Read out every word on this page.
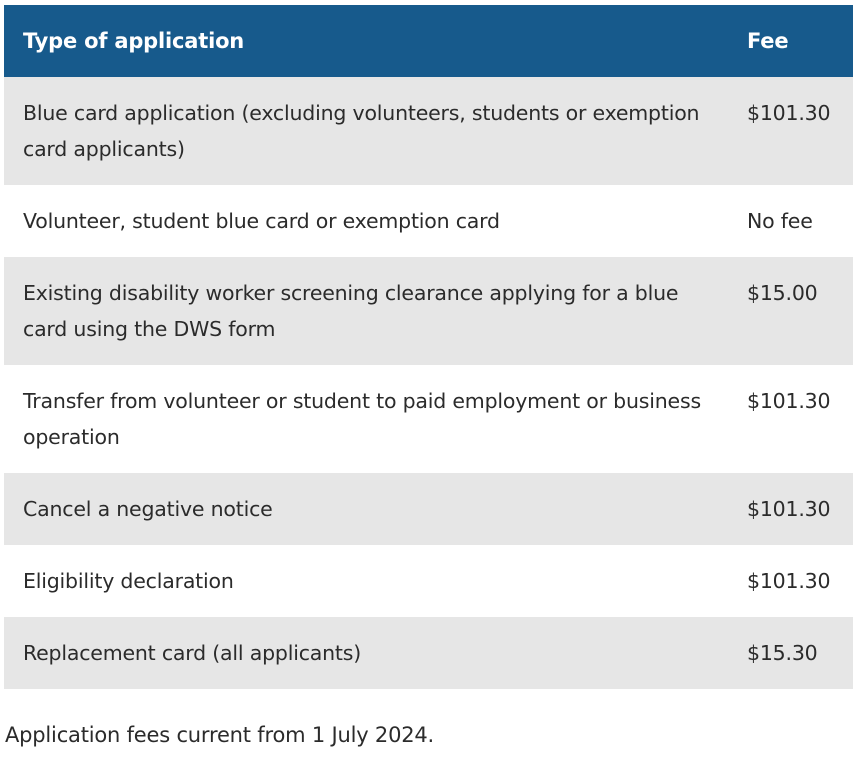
Type of application	Fee
Blue card application (excluding volunteers, students or exemption card applicants)	$101.30
Volunteer, student blue card or exemption card	No fee
Existing disability worker screening clearance applying for a blue card using the DWS form	$15.00
Transfer from volunteer or student to paid employment or business operation	$101.30
Cancel a negative notice	$101.30
Eligibility declaration	$101.30
Replacement card (all applicants)	$15.30
Application fees current from 1 July 2024.
